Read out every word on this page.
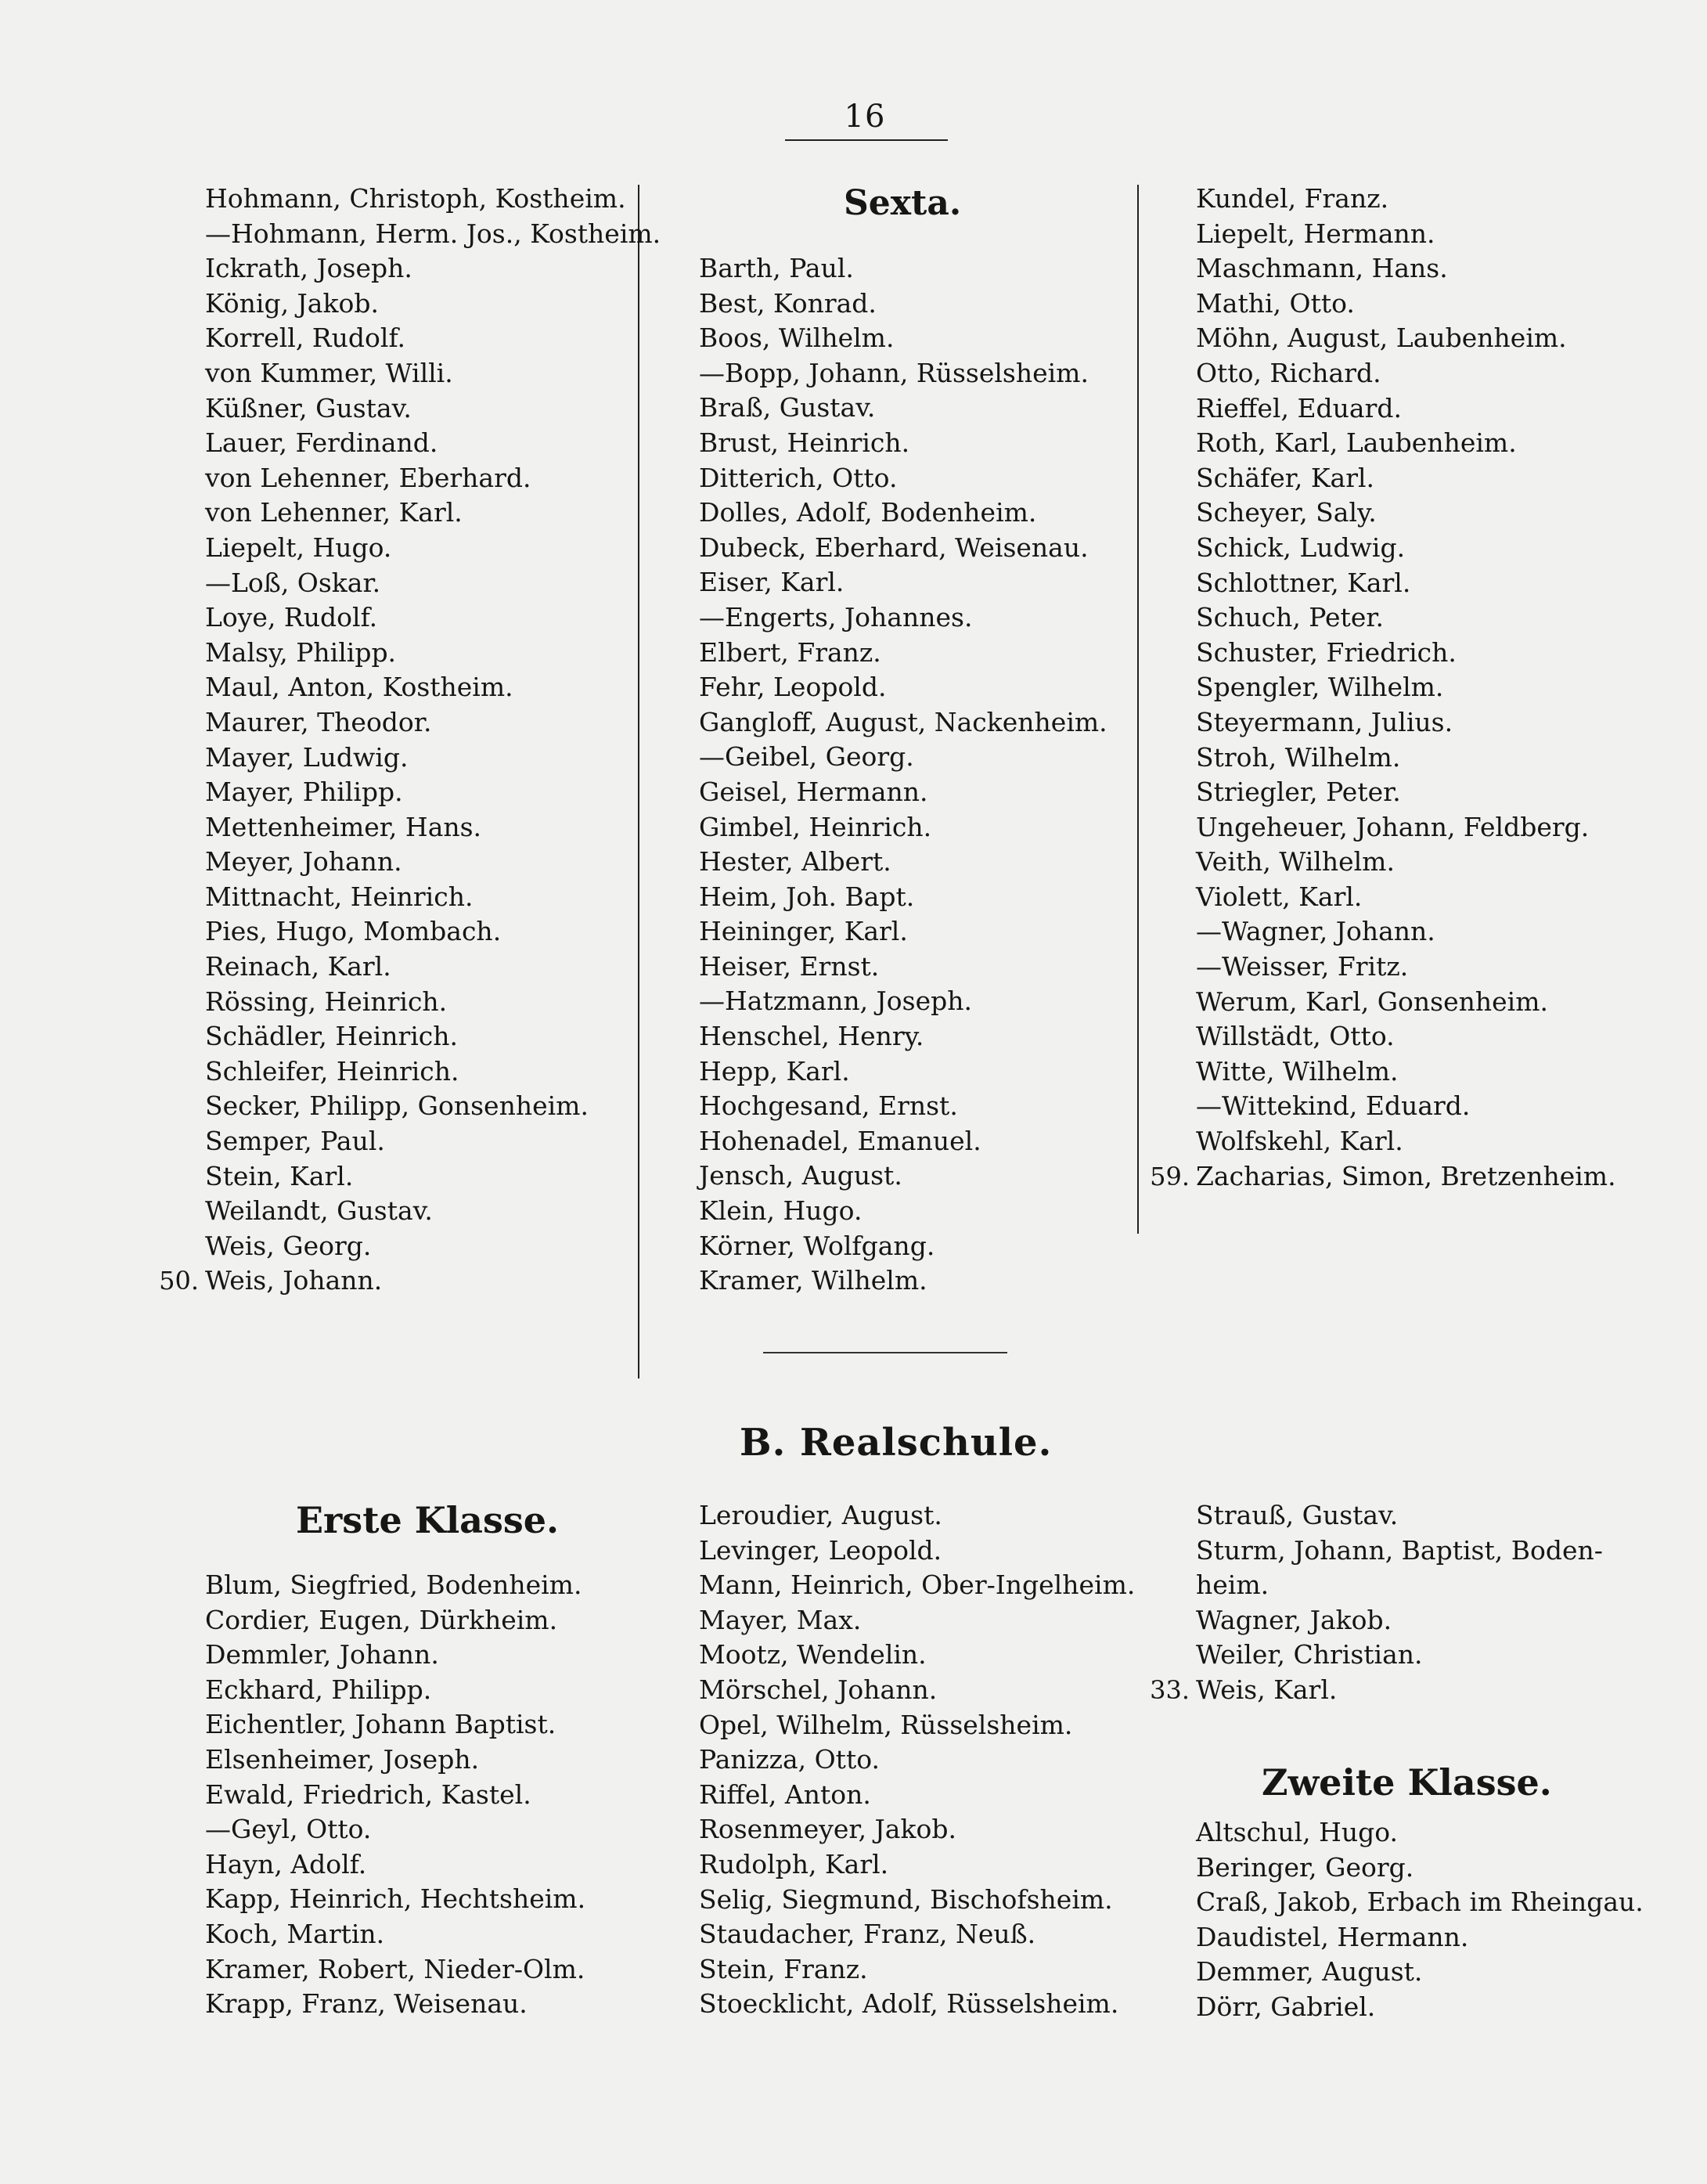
16
Sexta.
B. Realschule.
Erste Klasse.
Zweite Klasse.
Hohmann, Christoph, Kostheim.
—Hohmann, Herm. Jos., Kostheim.
Ickrath, Joseph.
König, Jakob.
Korrell, Rudolf.
von Kummer, Willi.
Küßner, Gustav.
Lauer, Ferdinand.
von Lehenner, Eberhard.
von Lehenner, Karl.
Liepelt, Hugo.
—Loß, Oskar.
Loye, Rudolf.
Malsy, Philipp.
Maul, Anton, Kostheim.
Maurer, Theodor.
Mayer, Ludwig.
Mayer, Philipp.
Mettenheimer, Hans.
Meyer, Johann.
Mittnacht, Heinrich.
Pies, Hugo, Mombach.
Reinach, Karl.
Rössing, Heinrich.
Schädler, Heinrich.
Schleifer, Heinrich.
Secker, Philipp, Gonsenheim.
Semper, Paul.
Stein, Karl.
Weilandt, Gustav.
Weis, Georg.
50. Weis, Johann.
Barth, Paul.
Best, Konrad.
Boos, Wilhelm.
—Bopp, Johann, Rüsselsheim.
Braß, Gustav.
Brust, Heinrich.
Ditterich, Otto.
Dolles, Adolf, Bodenheim.
Dubeck, Eberhard, Weisenau.
Eiser, Karl.
—Engerts, Johannes.
Elbert, Franz.
Fehr, Leopold.
Gangloff, August, Nackenheim.
—Geibel, Georg.
Geisel, Hermann.
Gimbel, Heinrich.
Hester, Albert.
Heim, Joh. Bapt.
Heininger, Karl.
Heiser, Ernst.
—Hatzmann, Joseph.
Henschel, Henry.
Hepp, Karl.
Hochgesand, Ernst.
Hohenadel, Emanuel.
Jensch, August.
Klein, Hugo.
Körner, Wolfgang.
Kramer, Wilhelm.
Kundel, Franz.
Liepelt, Hermann.
Maschmann, Hans.
Mathi, Otto.
Möhn, August, Laubenheim.
Otto, Richard.
Rieffel, Eduard.
Roth, Karl, Laubenheim.
Schäfer, Karl.
Scheyer, Saly.
Schick, Ludwig.
Schlottner, Karl.
Schuch, Peter.
Schuster, Friedrich.
Spengler, Wilhelm.
Steyermann, Julius.
Stroh, Wilhelm.
Striegler, Peter.
Ungeheuer, Johann, Feldberg.
Veith, Wilhelm.
Violett, Karl.
—Wagner, Johann.
—Weisser, Fritz.
Werum, Karl, Gonsenheim.
Willstädt, Otto.
Witte, Wilhelm.
—Wittekind, Eduard.
Wolfskehl, Karl.
59. Zacharias, Simon, Bretzenheim.
Blum, Siegfried, Bodenheim.
Cordier, Eugen, Dürkheim.
Demmler, Johann.
Eckhard, Philipp.
Eichentler, Johann Baptist.
Elsenheimer, Joseph.
Ewald, Friedrich, Kastel.
—Geyl, Otto.
Hayn, Adolf.
Kapp, Heinrich, Hechtsheim.
Koch, Martin.
Kramer, Robert, Nieder-Olm.
Krapp, Franz, Weisenau.
Leroudier, August.
Levinger, Leopold.
Mann, Heinrich, Ober-Ingelheim.
Mayer, Max.
Mootz, Wendelin.
Mörschel, Johann.
Opel, Wilhelm, Rüsselsheim.
Panizza, Otto.
Riffel, Anton.
Rosenmeyer, Jakob.
Rudolph, Karl.
Selig, Siegmund, Bischofsheim.
Staudacher, Franz, Neuß.
Stein, Franz.
Stoecklicht, Adolf, Rüsselsheim.
Strauß, Gustav.
Sturm, Johann, Baptist, Boden-
heim.
Wagner, Jakob.
Weiler, Christian.
33. Weis, Karl.
Altschul, Hugo.
Beringer, Georg.
Craß, Jakob, Erbach im Rheingau.
Daudistel, Hermann.
Demmer, August.
Dörr, Gabriel.
